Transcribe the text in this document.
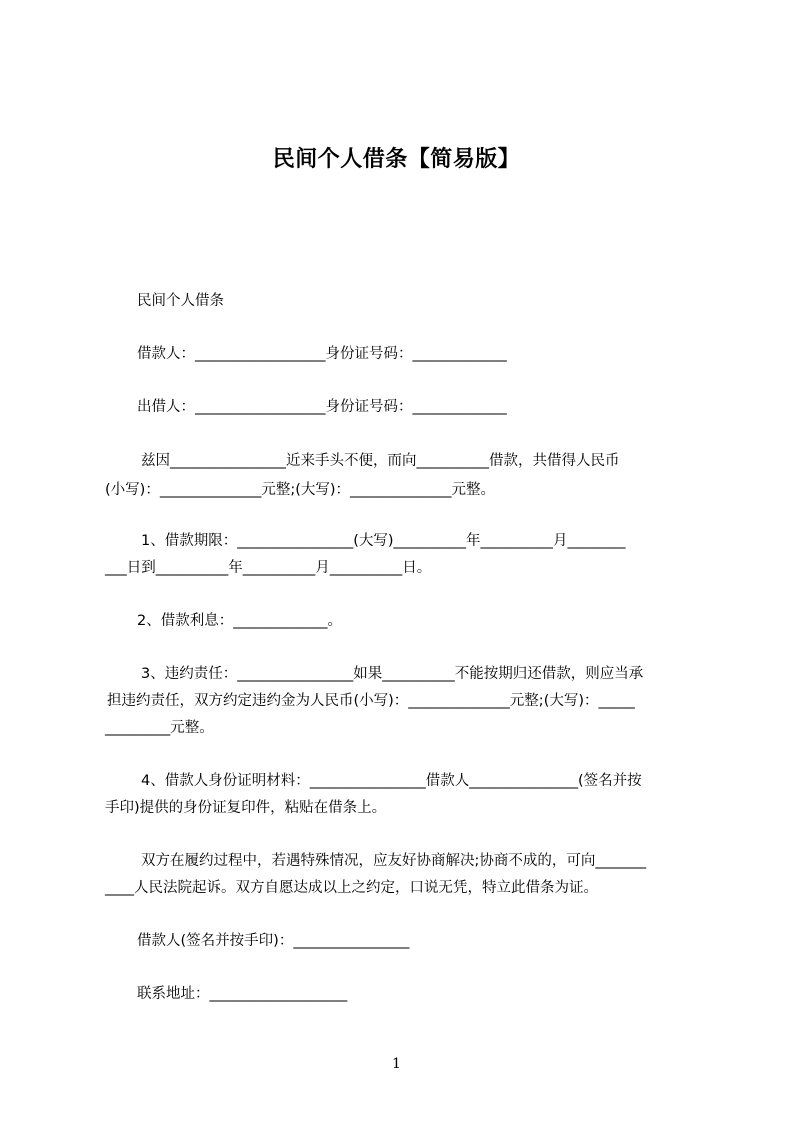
民间个人借条【简易版】
民间个人借条
借款人：__________________身份证号码：_____________
出借人：__________________身份证号码：_____________
兹因________________近来手头不便，而向__________借款，共借得人民币
(小写)：______________元整;(大写)：______________元整。
1、借款期限：________________(大写)__________年__________月________
___日到__________年__________月__________日。
2、借款利息：_____________。
3、违约责任：________________如果__________不能按期归还借款，则应当承
担违约责任，双方约定违约金为人民币(小写)：______________元整;(大写)：_____
_________元整。
4、借款人身份证明材料：________________借款人_______________(签名并按
手印)提供的身份证复印件，粘贴在借条上。
双方在履约过程中，若遇特殊情况，应友好协商解决;协商不成的，可向_______
____人民法院起诉。双方自愿达成以上之约定，口说无凭，特立此借条为证。
借款人(签名并按手印)：________________
联系地址：___________________
1
